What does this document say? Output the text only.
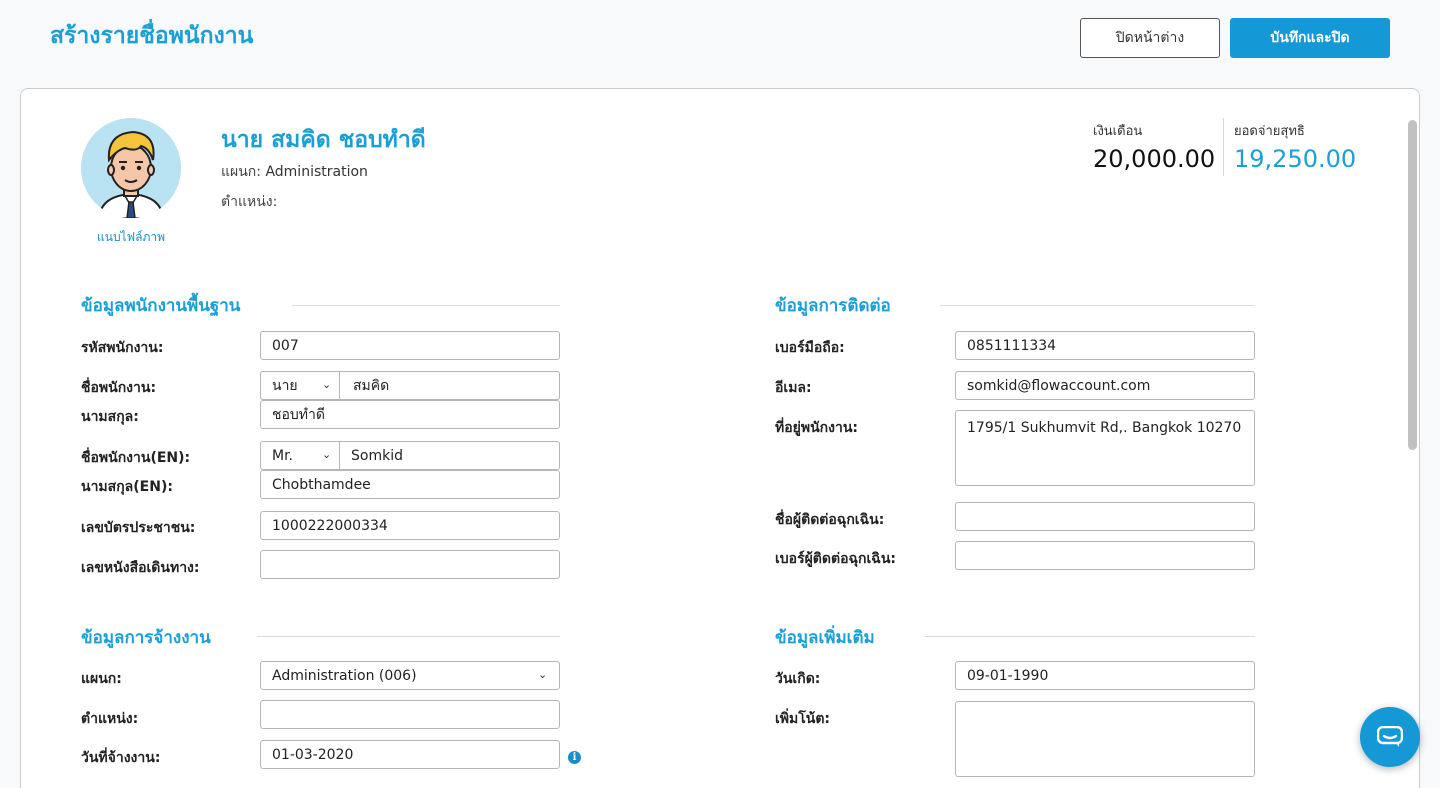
สร้างรายชื่อพนักงาน	ปิดหน้าต่าง	บันทึกและปิด
แนบไฟล์ภาพ
นาย สมคิด ชอบทำดี
แผนก: Administration
ตำแหน่ง:
เงินเดือน
20,000.00
ยอดจ่ายสุทธิ
19,250.00
ข้อมูลพนักงานพื้นฐาน
รหัสพนักงาน:	007
ชื่อพนักงาน:	นาย	⌄	สมคิด
นามสกุล:	ชอบทำดี
ชื่อพนักงาน(EN):	Mr.	⌄	Somkid
นามสกุล(EN):	Chobthamdee
เลขบัตรประชาชน:	1000222000334
เลขหนังสือเดินทาง:
ข้อมูลการจ้างงาน
แผนก:	Administration (006)	⌄
ตำแหน่ง:
วันที่จ้างงาน:	01-03-2020	i
ข้อมูลการติดต่อ
เบอร์มือถือ:	0851111334
อีเมล:	somkid@flowaccount.com
ที่อยู่พนักงาน:	1795/1 Sukhumvit Rd,. Bangkok 10270
ชื่อผู้ติดต่อฉุกเฉิน:
เบอร์ผู้ติดต่อฉุกเฉิน:
ข้อมูลเพิ่มเติม
วันเกิด:	09-01-1990
เพิ่มโน้ต:
